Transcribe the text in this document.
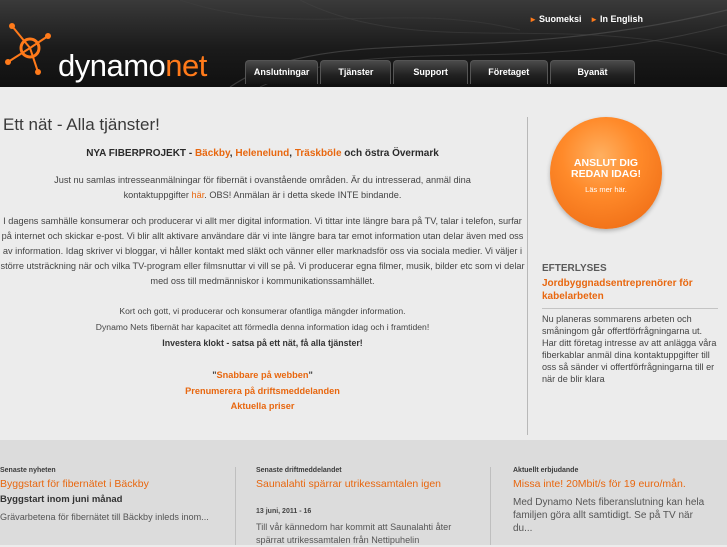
dynamonet
► Suomeksi ► In English
Anslutningar	Tjänster	Support	Företaget	Byanät
Ett nät - Alla tjänster!
NYA FIBERPROJEKT - Bäckby, Helenelund, Träskböle och östra Övermark
Just nu samlas intresseanmälningar för fibernät i ovanstående områden. Är du intresserad, anmäl dina kontaktuppgifter här. OBS! Anmälan är i detta skede INTE bindande.
I dagens samhälle konsumerar och producerar vi allt mer digital information. Vi tittar inte längre bara på TV, talar i telefon, surfar på internet och skickar e-post. Vi blir allt aktivare användare där vi inte längre bara tar emot information utan delar även med oss av information. Idag skriver vi bloggar, vi håller kontakt med släkt och vänner eller marknadsför oss via sociala medier. Vi väljer i större utsträckning när och vilka TV-program eller filmsnuttar vi vill se på. Vi producerar egna filmer, musik, bilder etc som vi delar med oss till medmänniskor i kommunikationssamhället.
Kort och gott, vi producerar och konsumerar ofantliga mängder information.
Dynamo Nets fibernät har kapacitet att förmedla denna information idag och i framtiden!
Investera klokt - satsa på ett nät, få alla tjänster!
"Snabbare på webben"
Prenumerera på driftsmeddelanden
Aktuella priser
ANSLUT DIG
REDAN IDAG!
Läs mer här.
EFTERLYSES
Jordbyggnadsentreprenörer för kabelarbeten
Nu planeras sommarens arbeten och småningom går offertförfrågningarna ut. Har ditt företag intresse av att anlägga våra fiberkablar anmäl dina kontaktuppgifter till oss så sänder vi offertförfrågningarna till er när de blir klara
Senaste nyheten
Byggstart för fibernätet i Bäckby
Byggstart inom juni månad
Grävarbetena för fibernätet till Bäckby inleds inom...
Senaste driftmeddelandet
Saunalahti spärrar utrikessamtalen igen
13 juni, 2011 - 16
Till vår kännedom har kommit att Saunalahti åter spärrat utrikessamtalen från Nettipuhelin
Aktuellt erbjudande
Missa inte! 20Mbit/s för 19 euro/mån.
Med Dynamo Nets fiberanslutning kan hela familjen göra allt samtidigt. Se på TV när du...
